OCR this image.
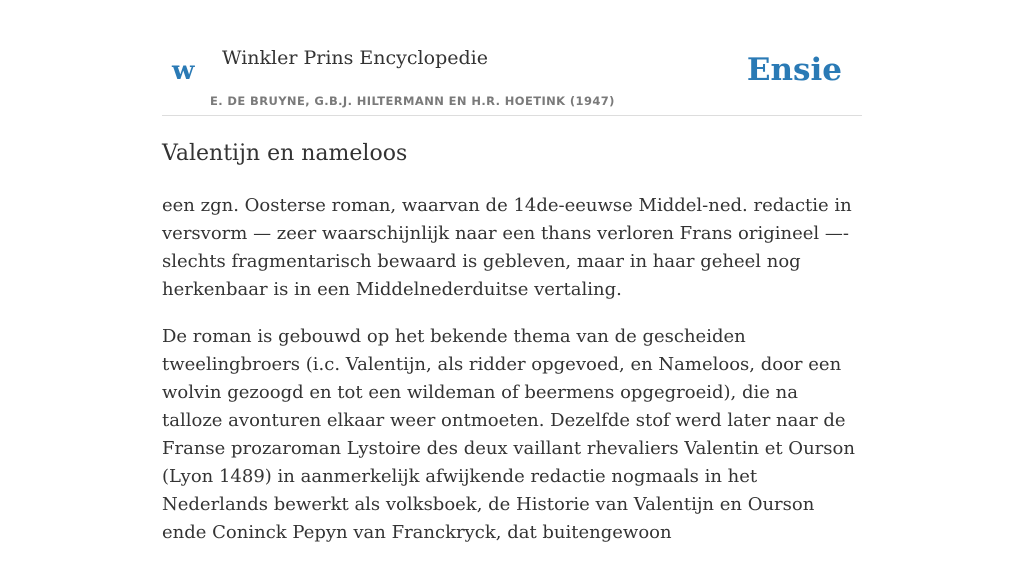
w Winkler Prins Encyclopedie
E. DE BRUYNE, G.B.J. HILTERMANN EN H.R. HOETINK (1947)
Ensie
Valentijn en nameloos

een zgn. Oosterse roman, waarvan de 14de-eeuwse Middel-ned. redactie in versvorm — zeer waarschijnlijk naar een thans verloren Frans origineel —- slechts fragmentarisch bewaard is gebleven, maar in haar geheel nog herkenbaar is in een Middelnederduitse vertaling.

De roman is gebouwd op het bekende thema van de gescheiden tweelingbroers (i.c. Valentijn, als ridder opgevoed, en Nameloos, door een wolvin gezoogd en tot een wildeman of beermens opgegroeid), die na talloze avonturen elkaar weer ontmoeten. Dezelfde stof werd later naar de Franse prozaroman Lystoire des deux vaillant rhevaliers Valentin et Ourson (Lyon 1489) in aanmerkelijk afwijkende redactie nogmaals in het Nederlands bewerkt als volksboek, de Historie van Valentijn en Ourson ende Coninck Pepyn van Franckryck, dat buitengewoon
